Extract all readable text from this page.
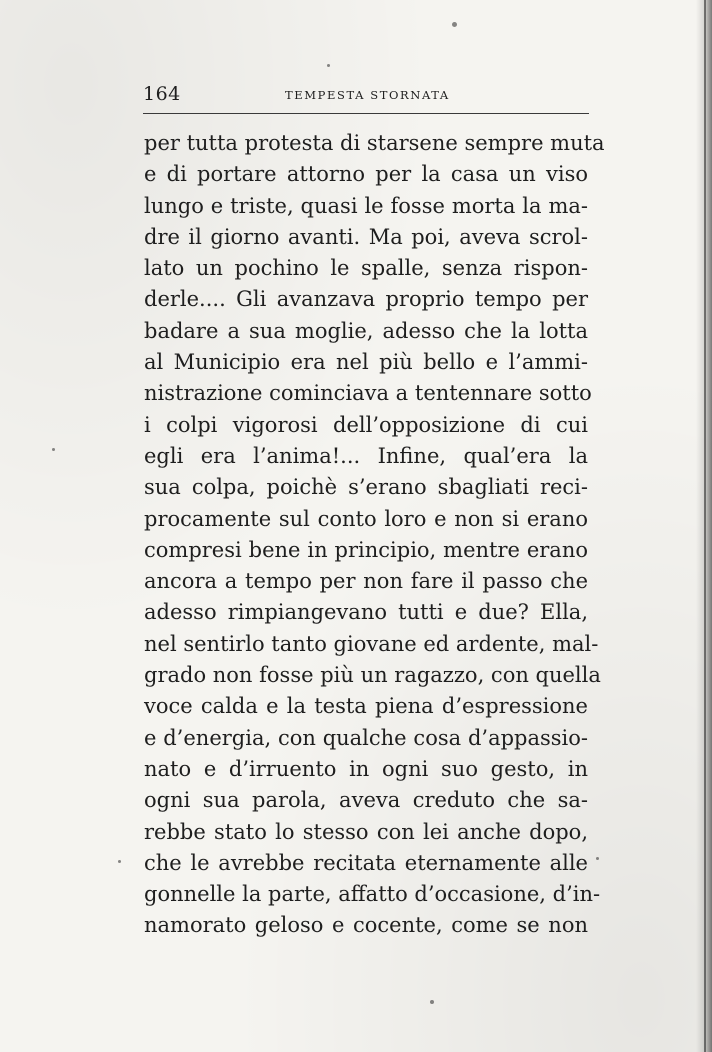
164	TEMPESTA STORNATA
per tutta protesta di starsene sempre muta
e di portare attorno per la casa un viso
lungo e triste, quasi le fosse morta la ma-
dre il giorno avanti. Ma poi, aveva scrol-
lato un pochino le spalle, senza rispon-
derle.... Gli avanzava proprio tempo per
badare a sua moglie, adesso che la lotta
al Municipio era nel più bello e l’ammi-
nistrazione cominciava a tentennare sotto
i colpi vigorosi dell’opposizione di cui
egli era l’anima!... Infine, qual’era la
sua colpa, poichè s’erano sbagliati reci-
procamente sul conto loro e non si erano
compresi bene in principio, mentre erano
ancora a tempo per non fare il passo che
adesso rimpiangevano tutti e due? Ella,
nel sentirlo tanto giovane ed ardente, mal-
grado non fosse più un ragazzo, con quella
voce calda e la testa piena d’espressione
e d’energia, con qualche cosa d’appassio-
nato e d’irruento in ogni suo gesto, in
ogni sua parola, aveva creduto che sa-
rebbe stato lo stesso con lei anche dopo,
che le avrebbe recitata eternamente alle
gonnelle la parte, affatto d’occasione, d’in-
namorato geloso e cocente, come se non
